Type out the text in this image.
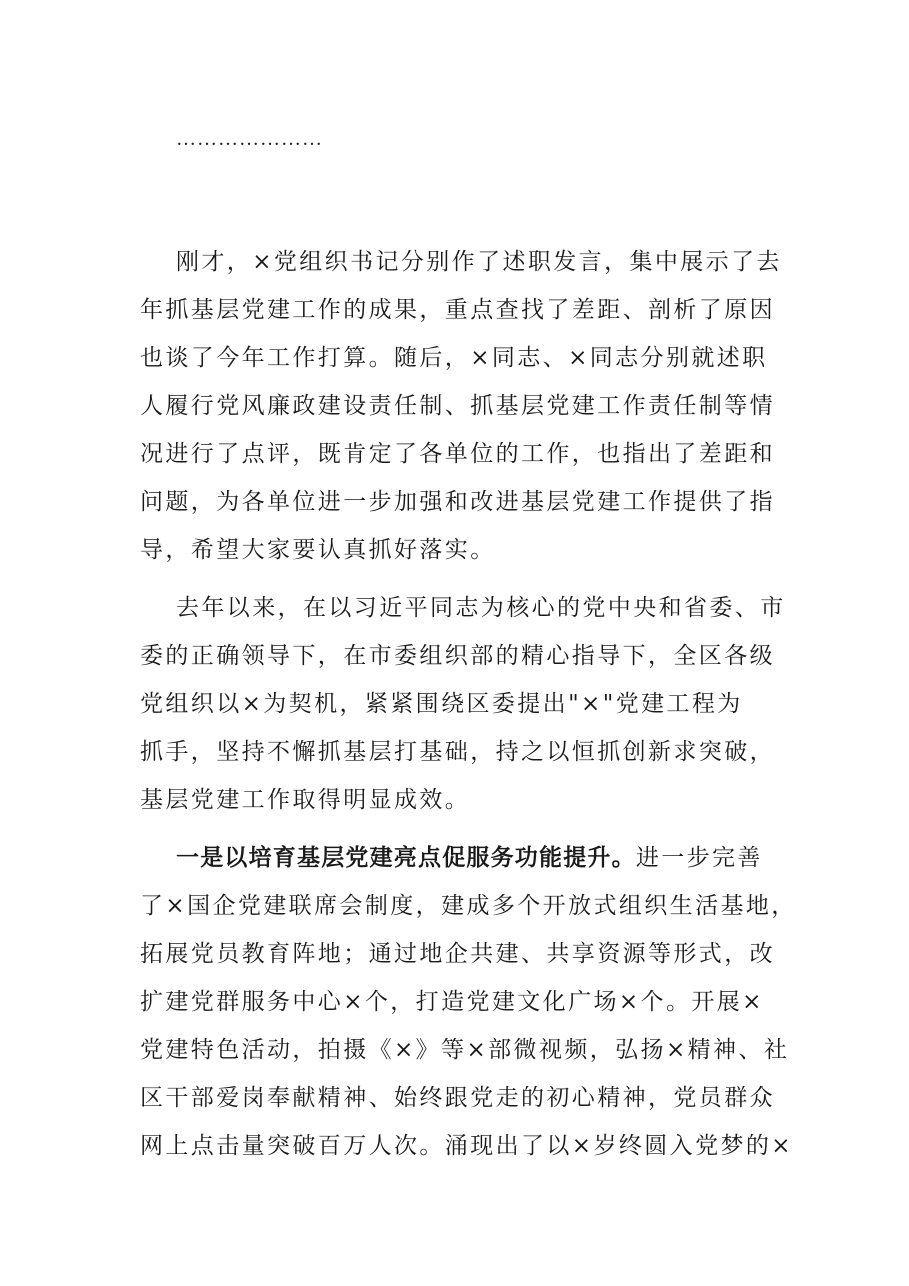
…………………
刚才，×党组织书记分别作了述职发言，集中展示了去
年抓基层党建工作的成果，重点查找了差距、剖析了原因
也谈了今年工作打算。随后，×同志、×同志分别就述职
人履行党风廉政建设责任制、抓基层党建工作责任制等情
况进行了点评，既肯定了各单位的工作，也指出了差距和
问题，为各单位进一步加强和改进基层党建工作提供了指
导，希望大家要认真抓好落实。
去年以来，在以习近平同志为核心的党中央和省委、市
委的正确领导下，在市委组织部的精心指导下，全区各级
党组织以×为契机，紧紧围绕区委提出"×"党建工程为
抓手，坚持不懈抓基层打基础，持之以恒抓创新求突破，
基层党建工作取得明显成效。
一是以培育基层党建亮点促服务功能提升。进一步完善
了×国企党建联席会制度，建成多个开放式组织生活基地，
拓展党员教育阵地；通过地企共建、共享资源等形式，改
扩建党群服务中心×个，打造党建文化广场×个。开展×
党建特色活动，拍摄《×》等×部微视频，弘扬×精神、社
区干部爱岗奉献精神、始终跟党走的初心精神，党员群众
网上点击量突破百万人次。涌现出了以×岁终圆入党梦的×
